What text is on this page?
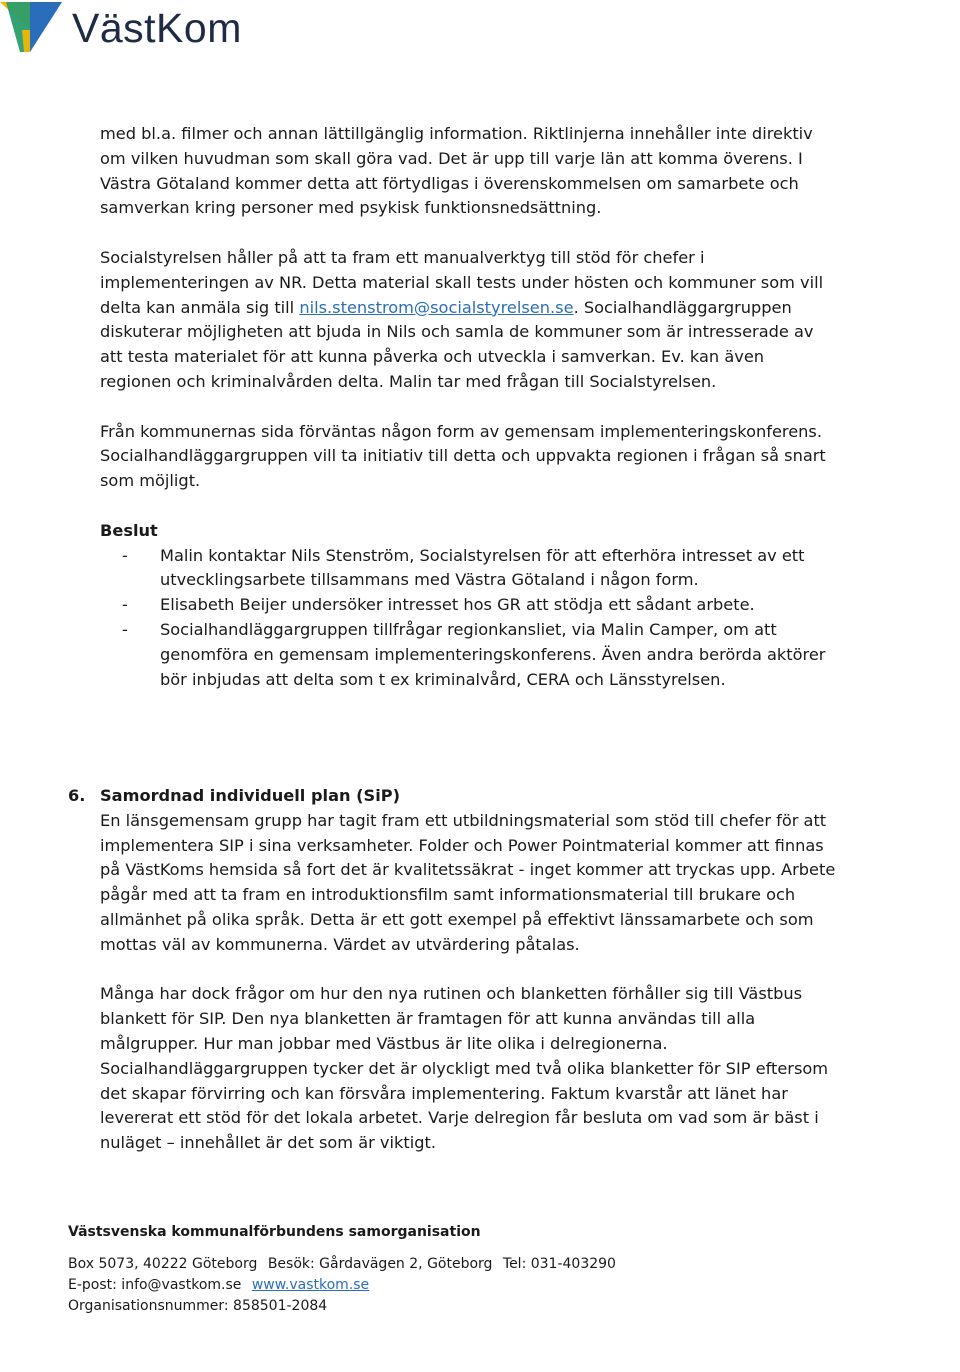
VästKom

med bl.a. filmer och annan lättillgänglig information. Riktlinjerna innehåller inte direktiv om vilken huvudman som skall göra vad. Det är upp till varje län att komma överens. I Västra Götaland kommer detta att förtydligas i överenskommelsen om samarbete och samverkan kring personer med psykisk funktionsnedsättning.

Socialstyrelsen håller på att ta fram ett manualverktyg till stöd för chefer i implementeringen av NR. Detta material skall tests under hösten och kommuner som vill delta kan anmäla sig till nils.stenstrom@socialstyrelsen.se. Socialhandläggargruppen diskuterar möjligheten att bjuda in Nils och samla de kommuner som är intresserade av att testa materialet för att kunna påverka och utveckla i samverkan. Ev. kan även regionen och kriminalvården delta. Malin tar med frågan till Socialstyrelsen.

Från kommunernas sida förväntas någon form av gemensam implementeringskonferens. Socialhandläggargruppen vill ta initiativ till detta och uppvakta regionen i frågan så snart som möjligt.

Beslut

- Malin kontaktar Nils Stenström, Socialstyrelsen för att efterhöra intresset av ett utvecklingsarbete tillsammans med Västra Götaland i någon form.
- Elisabeth Beijer undersöker intresset hos GR att stödja ett sådant arbete.
- Socialhandläggargruppen tillfrågar regionkansliet, via Malin Camper, om att genomföra en gemensam implementeringskonferens. Även andra berörda aktörer bör inbjudas att delta som t ex kriminalvård, CERA och Länsstyrelsen.
6. Samordnad individuell plan (SiP)

En länsgemensam grupp har tagit fram ett utbildningsmaterial som stöd till chefer för att implementera SIP i sina verksamheter. Folder och Power Pointmaterial kommer att finnas på VästKoms hemsida så fort det är kvalitetssäkrat - inget kommer att tryckas upp. Arbete pågår med att ta fram en introduktionsfilm samt informationsmaterial till brukare och allmänhet på olika språk. Detta är ett gott exempel på effektivt länssamarbete och som mottas väl av kommunerna. Värdet av utvärdering påtalas.

Många har dock frågor om hur den nya rutinen och blanketten förhåller sig till Västbus blankett för SIP. Den nya blanketten är framtagen för att kunna användas till alla målgrupper. Hur man jobbar med Västbus är lite olika i delregionerna. Socialhandläggargruppen tycker det är olyckligt med två olika blanketter för SIP eftersom det skapar förvirring och kan försvåra implementering. Faktum kvarstår att länet har levererat ett stöd för det lokala arbetet. Varje delregion får besluta om vad som är bäst i nuläget – innehållet är det som är viktigt.

Västsvenska kommunalförbundens samorganisation
Box 5073, 40222 Göteborg Besök: Gårdavägen 2, Göteborg Tel: 031-403290
E-post: info@vastkom.se www.vastkom.se
Organisationsnummer: 858501-2084
